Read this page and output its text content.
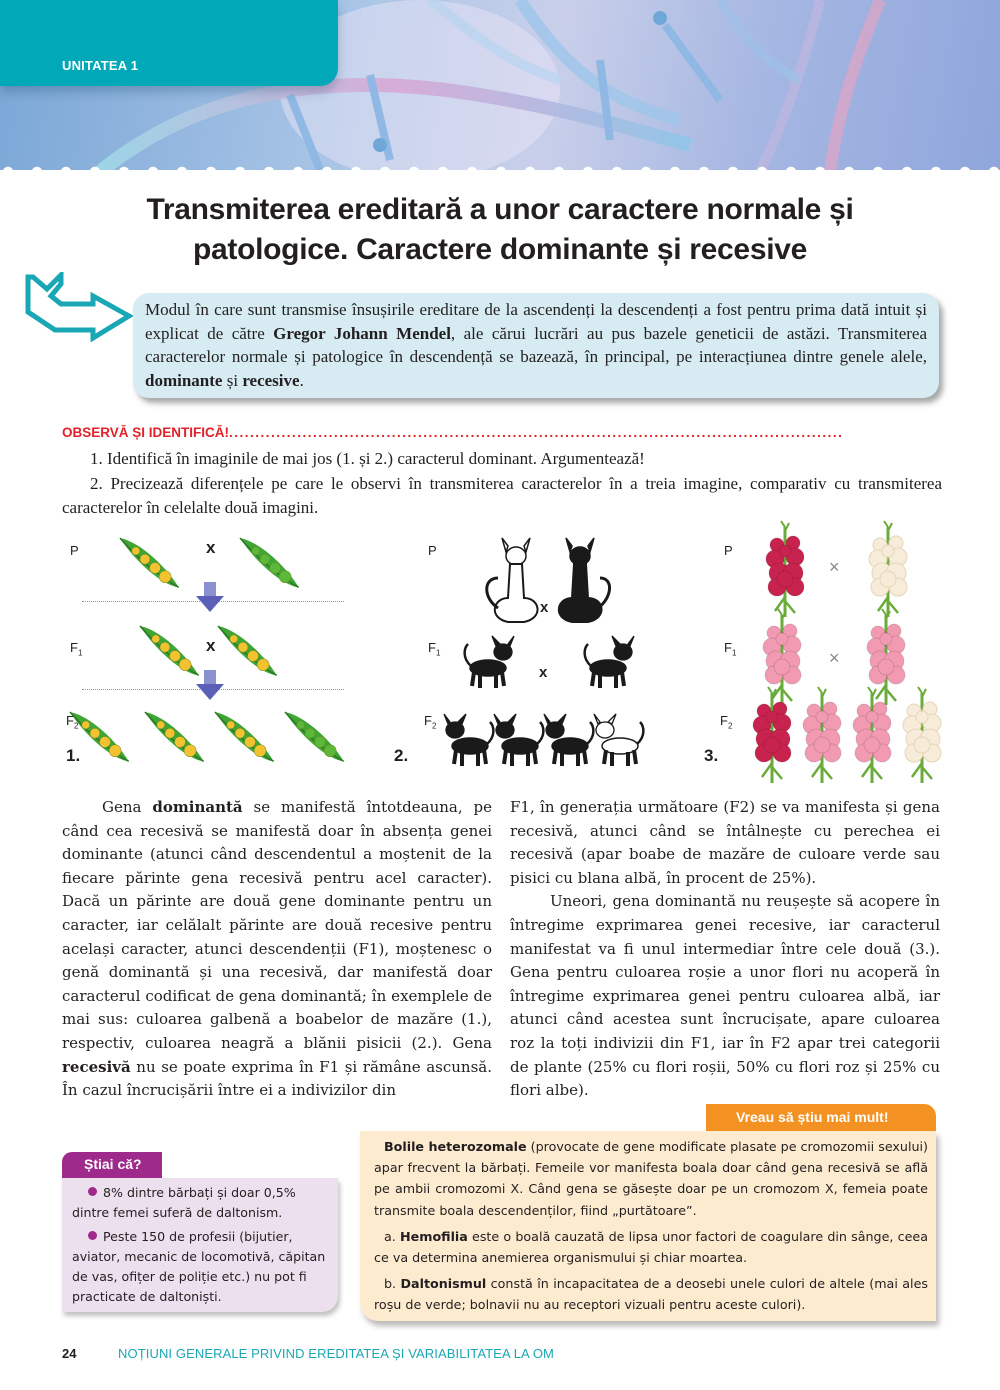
UNITATEA 1
Transmiterea ereditară a unor caractere normale și
patologice. Caractere dominante și recesive
Modul în care sunt transmise însușirile ereditare de la ascendenți la descendenți a fost pentru prima dată intuit și explicat de către Gregor Johann Mendel, ale cărui lucrări au pus bazele geneticii de astăzi. Transmiterea caracterelor normale și patologice în descendență se bazează, în principal, pe interacțiunea dintre genele alele, dominante și recesive.
OBSERVĂ ȘI IDENTIFICĂ!.....................................................................................................................
1. Identifică în imaginile de mai jos (1. și 2.) caracterul dominant. Argumentează!
2. Precizează diferențele pe care le observi în transmiterea caracterelor în a treia imagine, comparativ cu transmiterea caracterelor în celelalte două imagini.
P
$F_1$
$F_2$
1.
x
x
P
$F_1$
$F_2$
2.
x
x
P
$F_1$
$F_2$
3.
×
×

Gena dominantă se manifestă întotdeauna, pe când cea recesivă se manifestă doar în absența genei dominante (atunci când descendentul a moștenit de la fiecare părinte gena recesivă pentru acel caracter). Dacă un părinte are două gene dominante pentru un caracter, iar celălalt părinte are două recesive pentru același caracter, atunci descendenții (F1), moștenesc o genă dominantă și una recesivă, dar manifestă doar caracterul codificat de gena dominantă; în exemplele de mai sus: culoarea galbenă a boabelor de mazăre (1.), respectiv, culoarea neagră a blănii pisicii (2.). Gena recesivă nu se poate exprima în F1 și rămâne ascunsă. În cazul încrucișării între ei a indivizilor din

F1, în generația următoare (F2) se va manifesta și gena recesivă, atunci când se întâlnește cu perechea ei recesivă (apar boabe de mazăre de culoare verde sau pisici cu blana albă, în procent de 25%).

Uneori, gena dominantă nu reușește să acopere în întregime exprimarea genei recesive, iar caracterul manifestat va fi unul intermediar între cele două (3.). Gena pentru culoarea roșie a unor flori nu acoperă în întregime exprimarea genei pentru culoarea albă, iar atunci când acestea sunt încrucișate, apare culoarea roz la toți indivizii din F1, iar în F2 apar trei categorii de plante (25% cu flori roșii, 50% cu flori roz și 25% cu flori albe).

Știai că?

8% dintre bărbați și doar 0,5% dintre femei suferă de daltonism.

Peste 150 de profesii (bijutier, aviator, mecanic de locomotivă, căpitan de vas, ofițer de poliție etc.) nu pot fi practicate de daltoniști.

Vreau să știu mai mult!

Bolile heterozomale (provocate de gene modificate plasate pe cromozomii sexului) apar frecvent la bărbați. Femeile vor manifesta boala doar când gena recesivă se află pe ambii cromozomi X. Când gena se găsește doar pe un cromozom X, femeia poate transmite boala descendenților, fiind „purtătoare”.

a. Hemofilia este o boală cauzată de lipsa unor factori de coagulare din sânge, ceea ce va determina anemierea organismului și chiar moartea.

b. Daltonismul constă în incapacitatea de a deosebi unele culori de altele (mai ales roșu de verde; bolnavii nu au receptori vizuali pentru aceste culori).

24	NOȚIUNI GENERALE PRIVIND EREDITATEA ȘI VARIABILITATEA LA OM
